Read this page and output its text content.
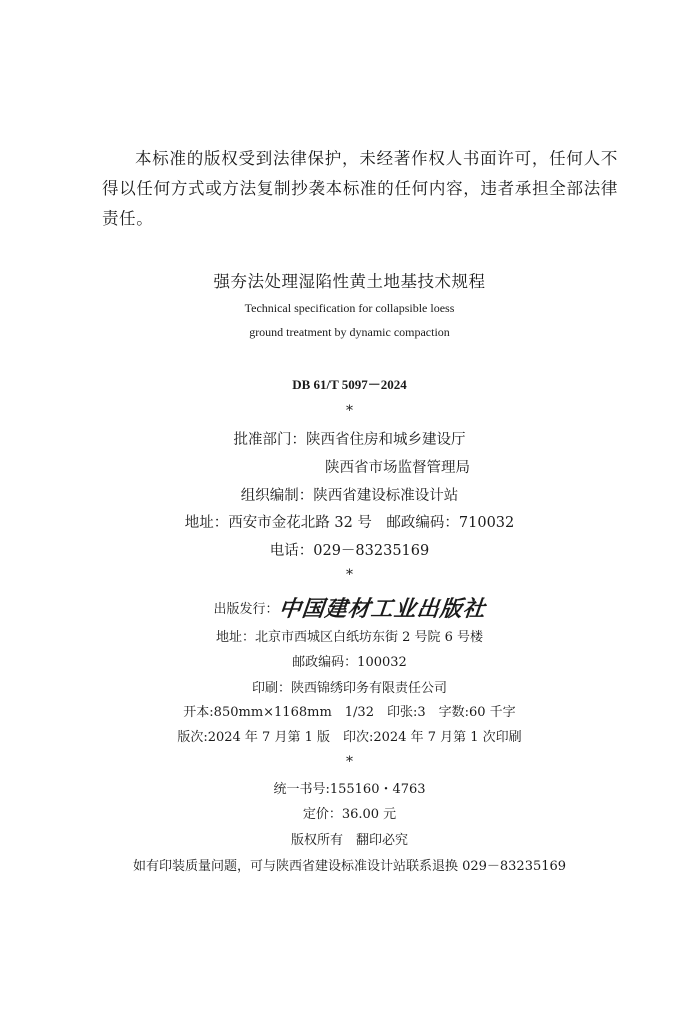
本标准的版权受到法律保护，未经著作权人书面许可，任何人不得以任何方式或方法复制抄袭本标准的任何内容，违者承担全部法律责任。

强夯法处理湿陷性黄土地基技术规程
Technical specification for collapsible loess
ground treatment by dynamic compaction
DB 61/T 5097－2024
*
批准部门：陕西省住房和城乡建设厅
陕西省市场监督管理局
组织编制：陕西省建设标准设计站
地址：西安市金花北路 32 号　邮政编码：710032
电话：029－83235169
*
出版发行：
中国建材工业出版社
地址：北京市西城区白纸坊东街 2 号院 6 号楼
邮政编码：100032
印刷：陕西锦绣印务有限责任公司
开本:850mm×1168mm　1/32　印张:3　字数:60 千字
版次:2024 年 7 月第 1 版　印次:2024 年 7 月第 1 次印刷
*
统一书号:155160・4763
定价：36.00 元
版权所有　翻印必究
如有印装质量问题，可与陕西省建设标准设计站联系退换 029－83235169
